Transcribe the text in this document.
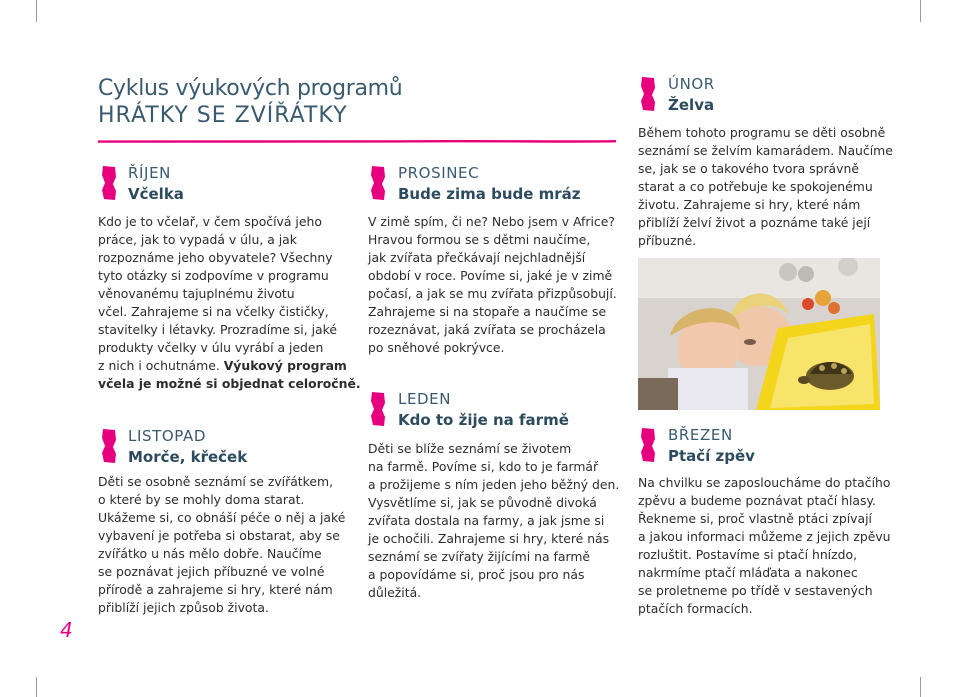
Cyklus výukových programů
HRÁTKY SE ZVÍŘÁTKY
ŘÍJEN
Včelka
Kdo je to včelař, v čem spočívá jeho
práce, jak to vypadá v úlu, a jak
rozpoznáme jeho obyvatele? Všechny
tyto otázky si zodpovíme v programu
věnovanému tajuplnému životu
včel. Zahrajeme si na včelky čističky,
stavitelky i létavky. Prozradíme si, jaké
produkty včelky v úlu vyrábí a jeden
z nich i ochutnáme. Výukový program
včela je možné si objednat celoročně.
LISTOPAD
Morče, křeček
Děti se osobně seznámí se zvířátkem,
o které by se mohly doma starat.
Ukážeme si, co obnáší péče o něj a jaké
vybavení je potřeba si obstarat, aby se
zvířátko u nás mělo dobře. Naučíme
se poznávat jejich příbuzné ve volné
přírodě a zahrajeme si hry, které nám
přiblíží jejich způsob života.
PROSINEC
Bude zima bude mráz
V zimě spím, či ne? Nebo jsem v Africe?
Hravou formou se s dětmi naučíme,
jak zvířata přečkávají nejchladnější
období v roce. Povíme si, jaké je v zimě
počasí, a jak se mu zvířata přizpůsobují.
Zahrajeme si na stopaře a naučíme se
rozeznávat, jaká zvířata se procházela
po sněhové pokrývce.
LEDEN
Kdo to žije na farmě
Děti se blíže seznámí se životem
na farmě. Povíme si, kdo to je farmář
a prožijeme s ním jeden jeho běžný den.
Vysvětlíme si, jak se původně divoká
zvířata dostala na farmy, a jak jsme si
je ochočili. Zahrajeme si hry, které nás
seznámí se zvířaty žijícími na farmě
a popovídáme si, proč jsou pro nás
důležitá.
ÚNOR
Želva
Během tohoto programu se děti osobně
seznámí se želvím kamarádem. Naučíme
se, jak se o takového tvora správně
starat a co potřebuje ke spokojenému
životu. Zahrajeme si hry, které nám
přiblíží želví život a poznáme také její
příbuzné.
BŘEZEN
Ptačí zpěv
Na chvilku se zaposloucháme do ptačího
zpěvu a budeme poznávat ptačí hlasy.
Řekneme si, proč vlastně ptáci zpívají
a jakou informaci můžeme z jejich zpěvu
rozluštit. Postavíme si ptačí hnízdo,
nakrmíme ptačí mláďata a nakonec
se proletneme po třídě v sestavených
ptačích formacích.
4
